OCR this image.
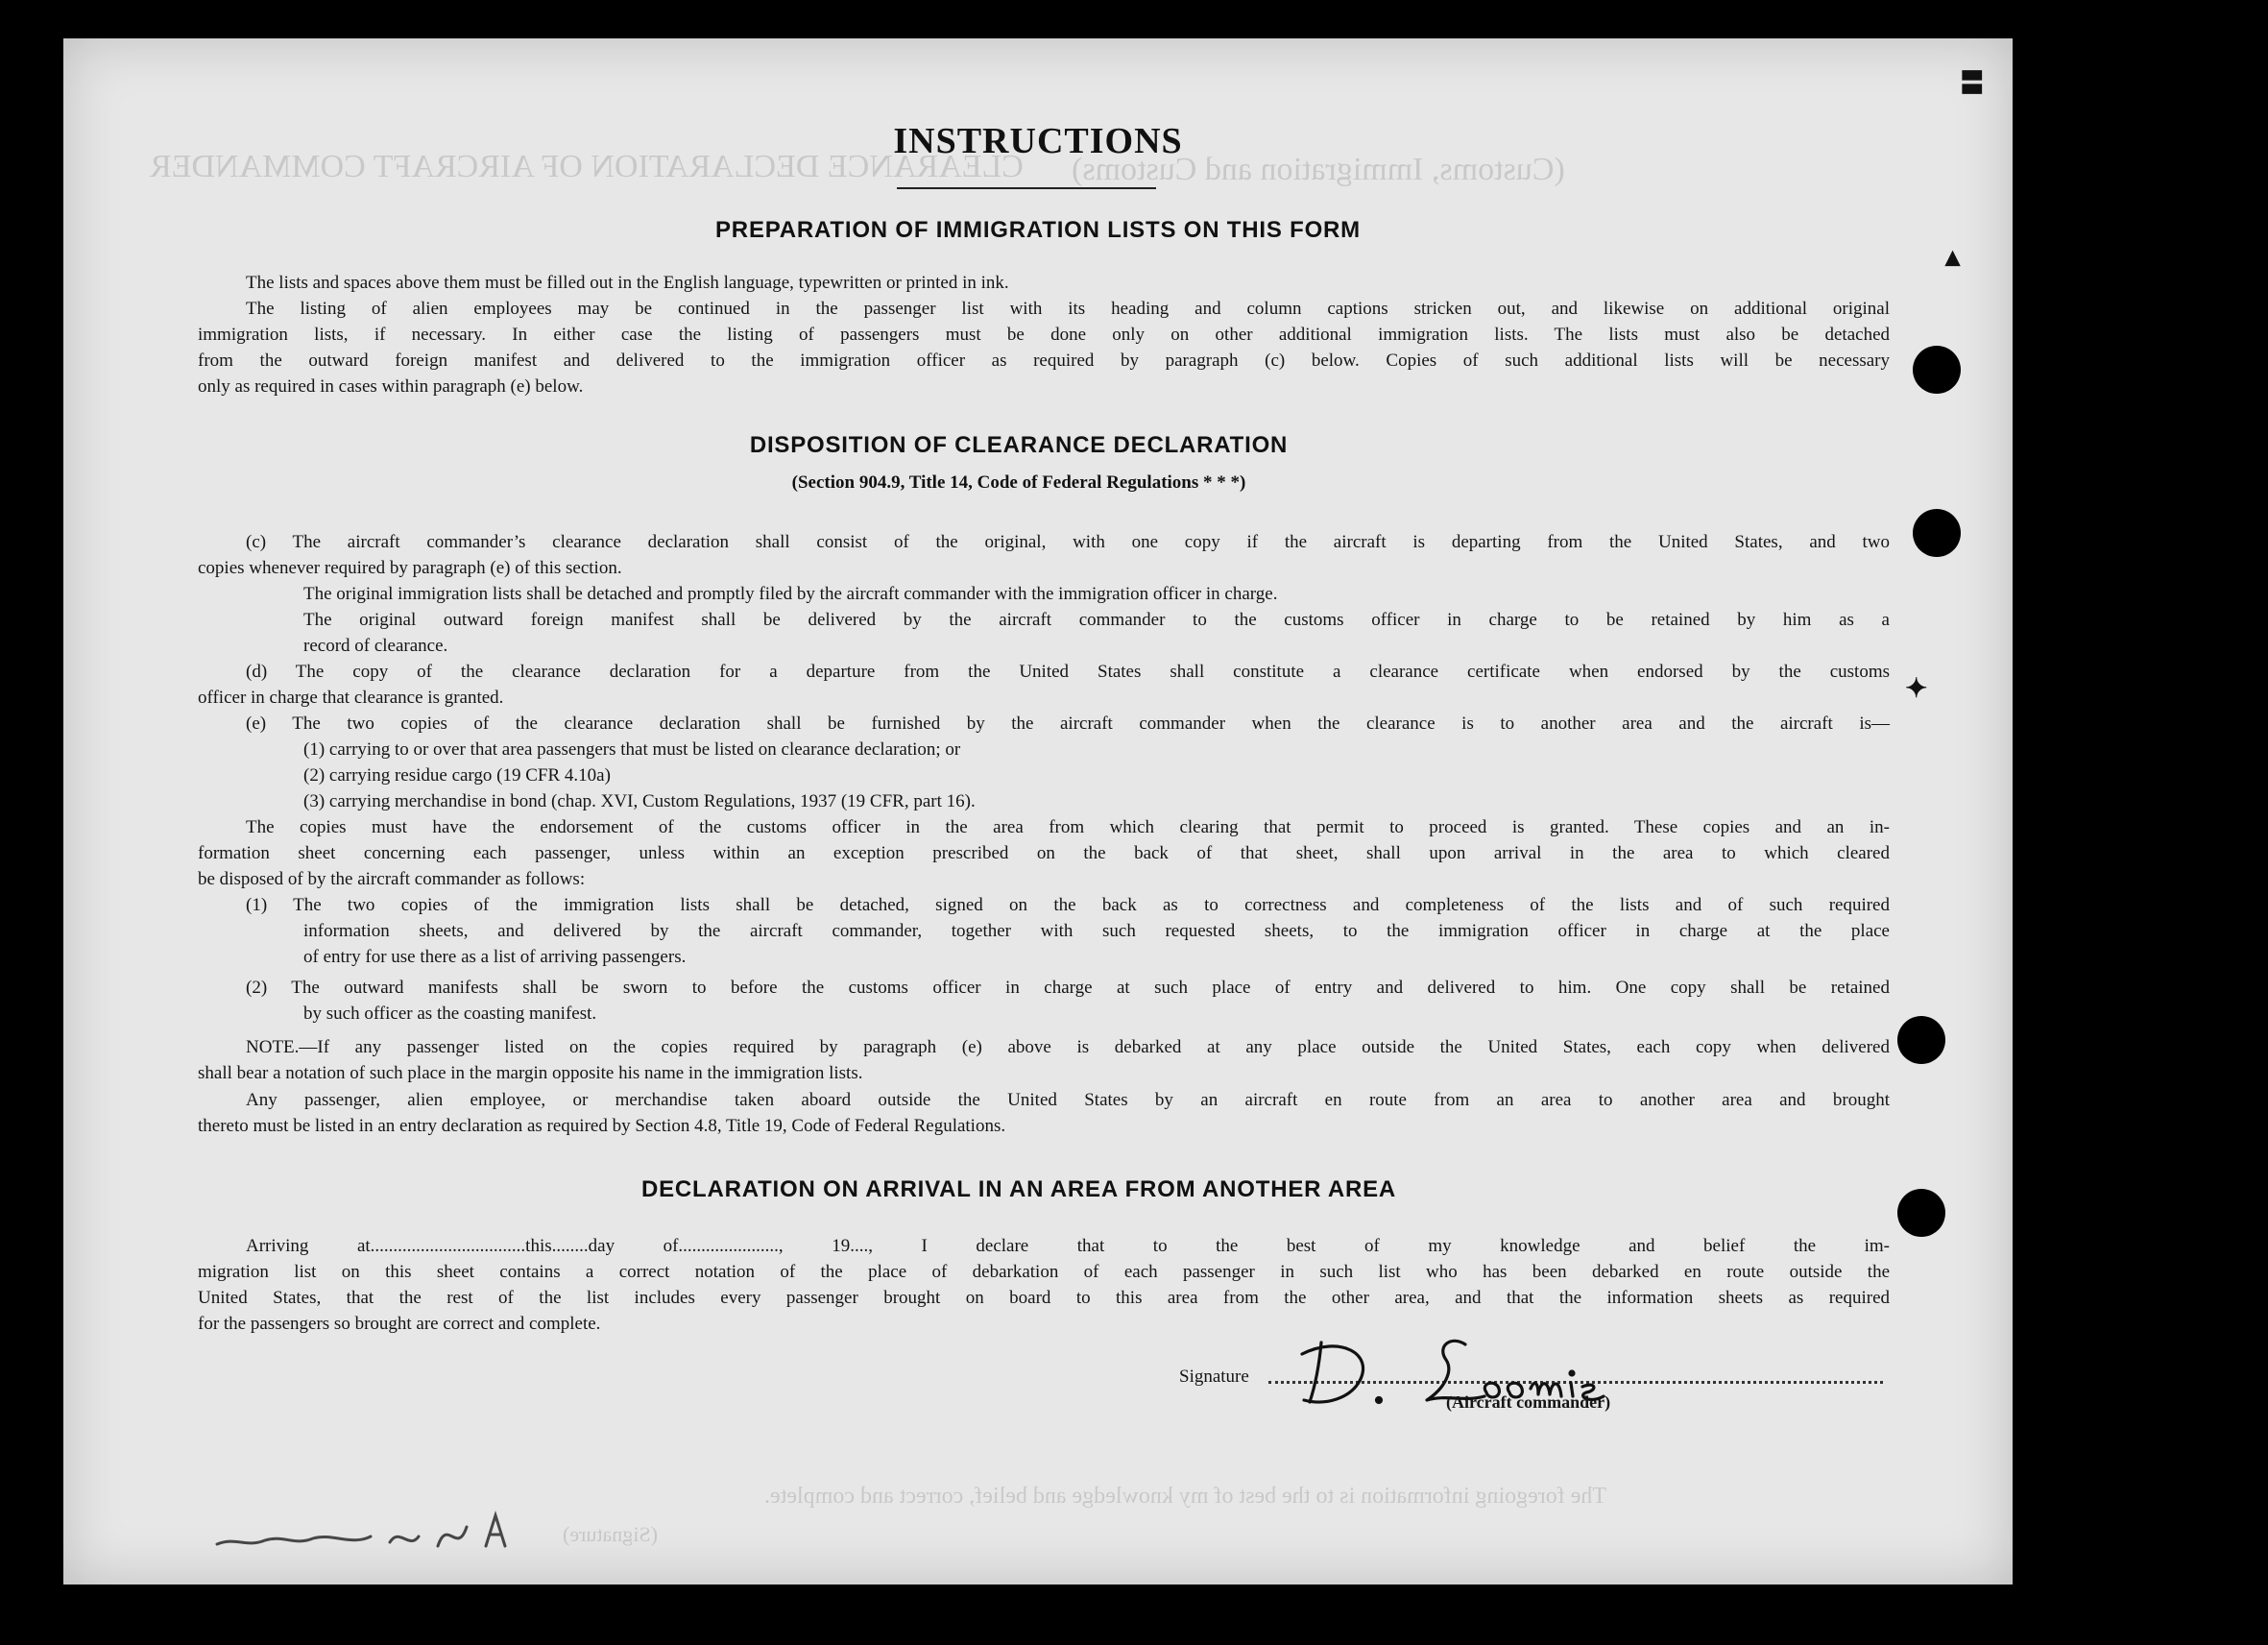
CLEARANCE DECLARATION OF AIRCRAFT COMMANDER (Customs, Immigration and Customs)
The foregoing information is to the best of my knowledge and belief, correct and complete.
(Signature)
▮▮
▴
✦
INSTRUCTIONS
PREPARATION OF IMMIGRATION LISTS ON THIS FORM
The lists and spaces above them must be filled out in the English language, typewritten or printed in ink.
The listing of alien employees may be continued in the passenger list with its heading and column captions stricken out, and likewise on additional original
immigration lists, if necessary. In either case the listing of passengers must be done only on other additional immigration lists. The lists must also be detached
from the outward foreign manifest and delivered to the immigration officer as required by paragraph (c) below. Copies of such additional lists will be necessary
only as required in cases within paragraph (e) below.
DISPOSITION OF CLEARANCE DECLARATION
(Section 904.9, Title 14, Code of Federal Regulations * * *)
(c) The aircraft commander’s clearance declaration shall consist of the original, with one copy if the aircraft is departing from the United States, and two
copies whenever required by paragraph (e) of this section.
The original immigration lists shall be detached and promptly filed by the aircraft commander with the immigration officer in charge.
The original outward foreign manifest shall be delivered by the aircraft commander to the customs officer in charge to be retained by him as a
record of clearance.
(d) The copy of the clearance declaration for a departure from the United States shall constitute a clearance certificate when endorsed by the customs
officer in charge that clearance is granted.
(e) The two copies of the clearance declaration shall be furnished by the aircraft commander when the clearance is to another area and the aircraft is—
(1) carrying to or over that area passengers that must be listed on clearance declaration; or
(2) carrying residue cargo (19 CFR 4.10a)
(3) carrying merchandise in bond (chap. XVI, Custom Regulations, 1937 (19 CFR, part 16).
The copies must have the endorsement of the customs officer in the area from which clearing that permit to proceed is granted. These copies and an in-
formation sheet concerning each passenger, unless within an exception prescribed on the back of that sheet, shall upon arrival in the area to which cleared
be disposed of by the aircraft commander as follows:
(1) The two copies of the immigration lists shall be detached, signed on the back as to correctness and completeness of the lists and of such required
information sheets, and delivered by the aircraft commander, together with such requested sheets, to the immigration officer in charge at the place
of entry for use there as a list of arriving passengers.
(2) The outward manifests shall be sworn to before the customs officer in charge at such place of entry and delivered to him. One copy shall be retained
by such officer as the coasting manifest.
NOTE.—If any passenger listed on the copies required by paragraph (e) above is debarked at any place outside the United States, each copy when delivered
shall bear a notation of such place in the margin opposite his name in the immigration lists.
Any passenger, alien employee, or merchandise taken aboard outside the United States by an aircraft en route from an area to another area and brought
thereto must be listed in an entry declaration as required by Section 4.8, Title 19, Code of Federal Regulations.
DECLARATION ON ARRIVAL IN AN AREA FROM ANOTHER AREA
Arriving at..................................this........day of......................, 19...., I declare that to the best of my knowledge and belief the im-
migration list on this sheet contains a correct notation of the place of debarkation of each passenger in such list who has been debarked en route outside the
United States, that the rest of the list includes every passenger brought on board to this area from the other area, and that the information sheets as required
for the passengers so brought are correct and complete.
Signature
(Aircraft commander)
